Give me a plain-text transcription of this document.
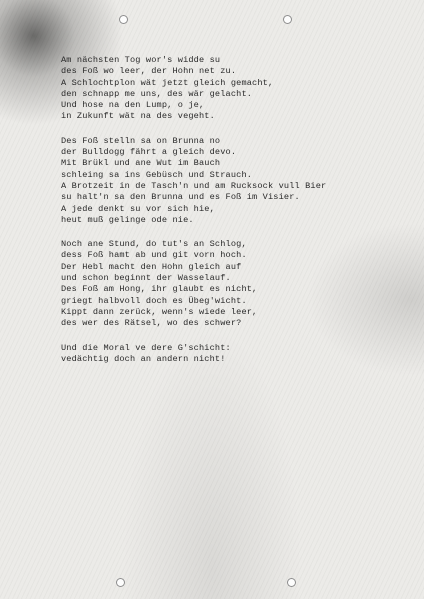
Am nächsten Tog wor's widde su
des Foß wo leer, der Hohn net zu.
A Schlochtplon wät jetzt gleich gemacht,
den schnapp me uns, des wär gelacht.
Und hose na den Lump, o je,
in Zukunft wät na des vegeht.
Des Foß stelln sa on Brunna no
der Bulldogg fährt a gleich devo.
Mit Brükl und ane Wut im Bauch
schleing sa ins Gebüsch und Strauch.
A Brotzeit in de Tasch'n und am Rucksock vull Bier
su halt'n sa den Brunna und es Foß im Visier.
A jede denkt su vor sich hie,
heut muß gelinge ode nie.
Noch ane Stund, do tut's an Schlog,
dess Foß hamt ab und git vorn hoch.
Der Hebl macht den Hohn gleich auf
und schon beginnt der Wasselauf.
Des Foß am Hong, ihr glaubt es nicht,
griegt halbvoll doch es Übeg'wicht.
Kippt dann zerück, wenn's wiede leer,
des wer des Rätsel, wo des schwer?
Und die Moral ve dere G'schicht:
vedächtig doch an andern nicht!
